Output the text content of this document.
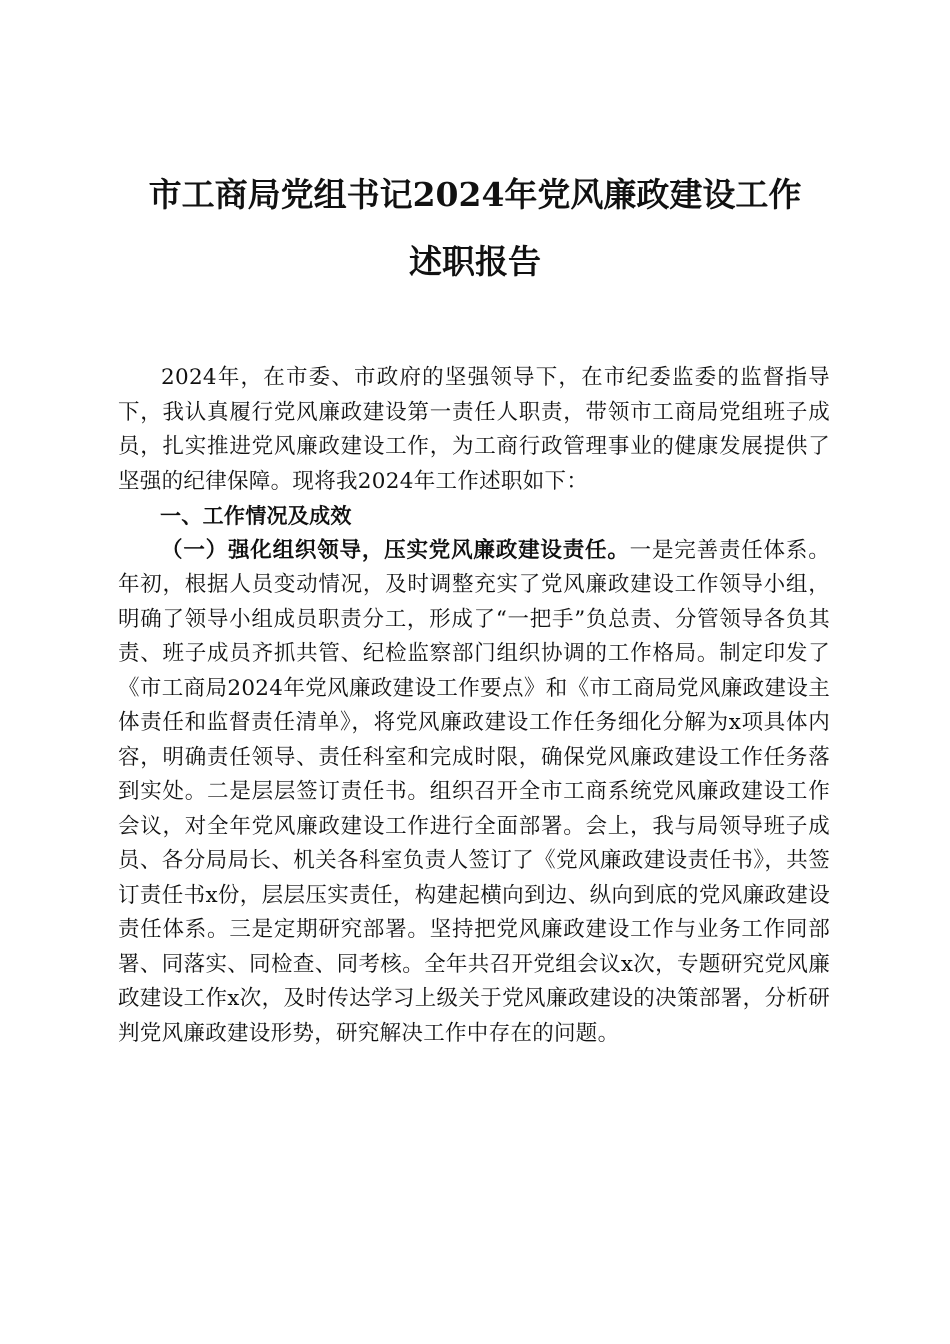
市工商局党组书记2024年党风廉政建设工作
述职报告

2024年，在市委、市政府的坚强领导下，在市纪委监委的监督指导下，我认真履行党风廉政建设第一责任人职责，带领市工商局党组班子成员，扎实推进党风廉政建设工作，为工商行政管理事业的健康发展提供了坚强的纪律保障。现将我2024年工作述职如下：

一、工作情况及成效

（一）强化组织领导，压实党风廉政建设责任。一是完善责任体系。年初，根据人员变动情况，及时调整充实了党风廉政建设工作领导小组，明确了领导小组成员职责分工，形成了“一把手”负总责、分管领导各负其责、班子成员齐抓共管、纪检监察部门组织协调的工作格局。制定印发了《市工商局2024年党风廉政建设工作要点》和《市工商局党风廉政建设主体责任和监督责任清单》，将党风廉政建设工作任务细化分解为x项具体内容，明确责任领导、责任科室和完成时限，确保党风廉政建设工作任务落到实处。二是层层签订责任书。组织召开全市工商系统党风廉政建设工作会议，对全年党风廉政建设工作进行全面部署。会上，我与局领导班子成员、各分局局长、机关各科室负责人签订了《党风廉政建设责任书》，共签订责任书x份，层层压实责任，构建起横向到边、纵向到底的党风廉政建设责任体系。三是定期研究部署。坚持把党风廉政建设工作与业务工作同部署、同落实、同检查、同考核。全年共召开党组会议x次，专题研究党风廉政建设工作x次，及时传达学习上级关于党风廉政建设的决策部署，分析研判党风廉政建设形势，研究解决工作中存在的问题。
